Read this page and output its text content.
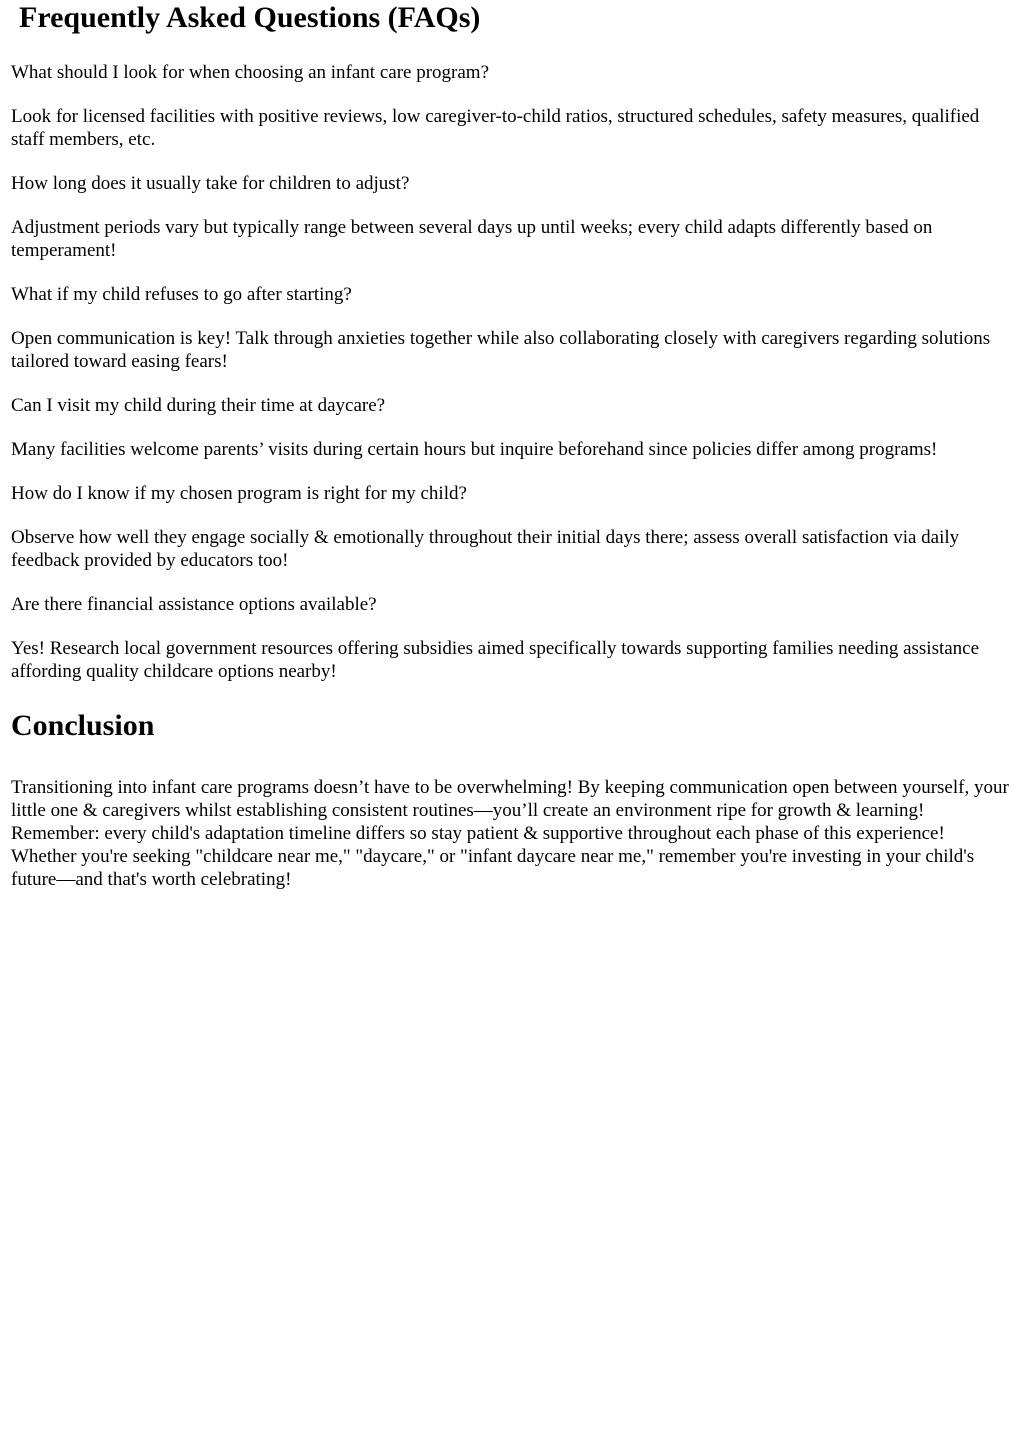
Frequently Asked Questions (FAQs)

What should I look for when choosing an infant care program?

Look for licensed facilities with positive reviews, low caregiver-to-child ratios, structured schedules, safety measures, qualified staff members, etc.

How long does it usually take for children to adjust?

Adjustment periods vary but typically range between several days up until weeks; every child adapts differently based on temperament!

What if my child refuses to go after starting?

Open communication is key! Talk through anxieties together while also collaborating closely with caregivers regarding solutions tailored toward easing fears!

Can I visit my child during their time at daycare?

Many facilities welcome parents’ visits during certain hours but inquire beforehand since policies differ among programs!

How do I know if my chosen program is right for my child?

Observe how well they engage socially & emotionally throughout their initial days there; assess overall satisfaction via daily feedback provided by educators too!

Are there financial assistance options available?

Yes! Research local government resources offering subsidies aimed specifically towards supporting families needing assistance affording quality childcare options nearby!

Conclusion

Transitioning into infant care programs doesn’t have to be overwhelming! By keeping communication open between yourself, your little one & caregivers whilst establishing consistent routines—you’ll create an environment ripe for growth & learning! Remember: every child's adaptation timeline differs so stay patient & supportive throughout each phase of this experience! Whether you're seeking "childcare near me," "daycare," or "infant daycare near me," remember you're investing in your child's future—and that's worth celebrating!
